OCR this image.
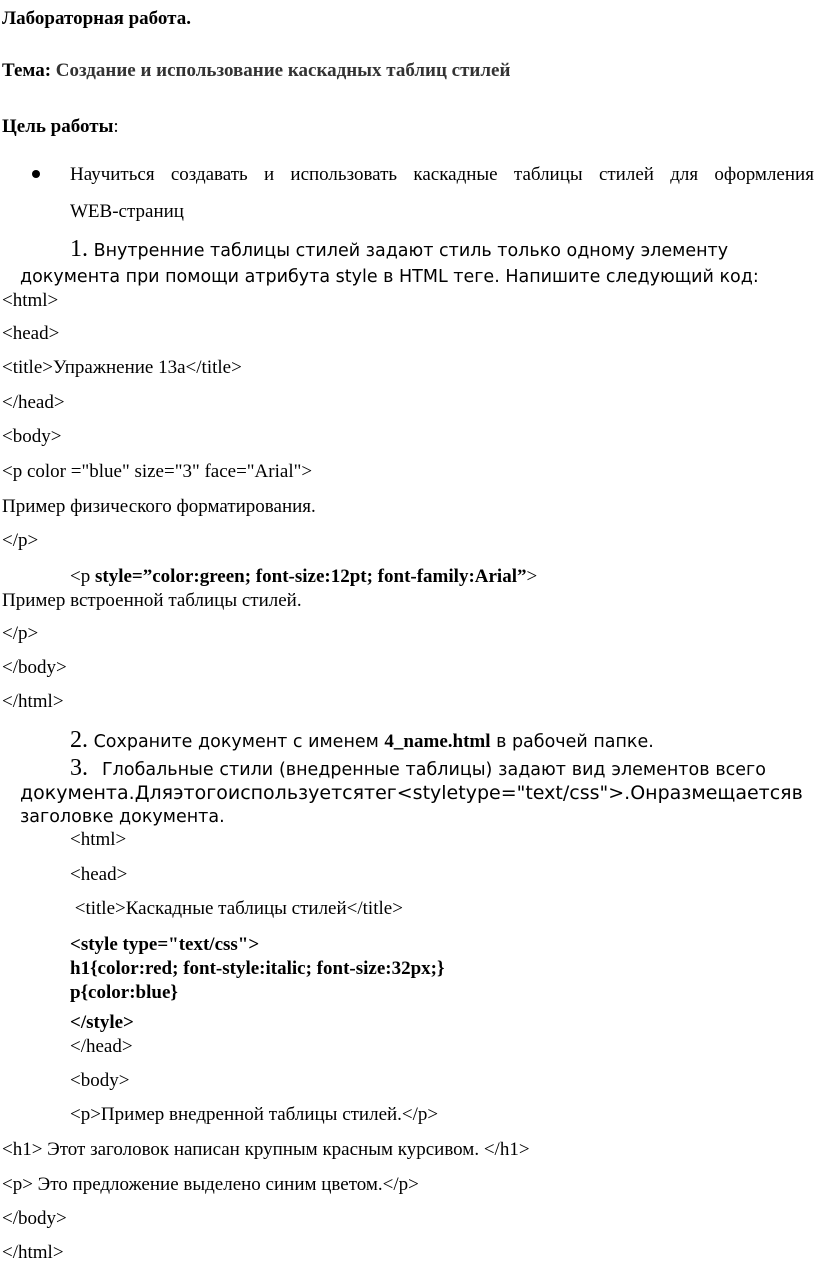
Лабораторная работа.
Тема: Создание и использование каскадных таблиц стилей
Цель работы:
Научиться создавать и использовать каскадные таблицы стилей для оформления
WEB-страниц
1. Внутренние таблицы стилей задают стиль только одному элементу
документа при помощи атрибута style в HTML теге. Напишите следующий код:
<html>
<head>
<title>Упражнение 13а</title>
</head>
<body>
<p color ="blue" size="3" face="Arial">
Пример физического форматирования.
</p>
<p style=”color:green; font-size:12pt; font-family:Arial”>
Пример встроенной таблицы стилей.
</p>
</body>
</html>
2. Сохраните документ с именем 4_name.html в рабочей папке.
3. Глобальные стили (внедренные таблицы) задают вид элементов всего
документа. Для этого используется тег <style type="text/css">. Он размещается в
заголовке документа.
<html>
<head>
<title>Каскадные таблицы стилей</title>
<style type="text/css">
h1{color:red; font-style:italic; font-size:32px;}
p{color:blue}
</style>
</head>
<body>
<p>Пример внедренной таблицы стилей.</p>
<h1> Этот заголовок написан крупным красным курсивом. </h1>
<p> Это предложение выделено синим цветом.</p>
</body>
</html>
